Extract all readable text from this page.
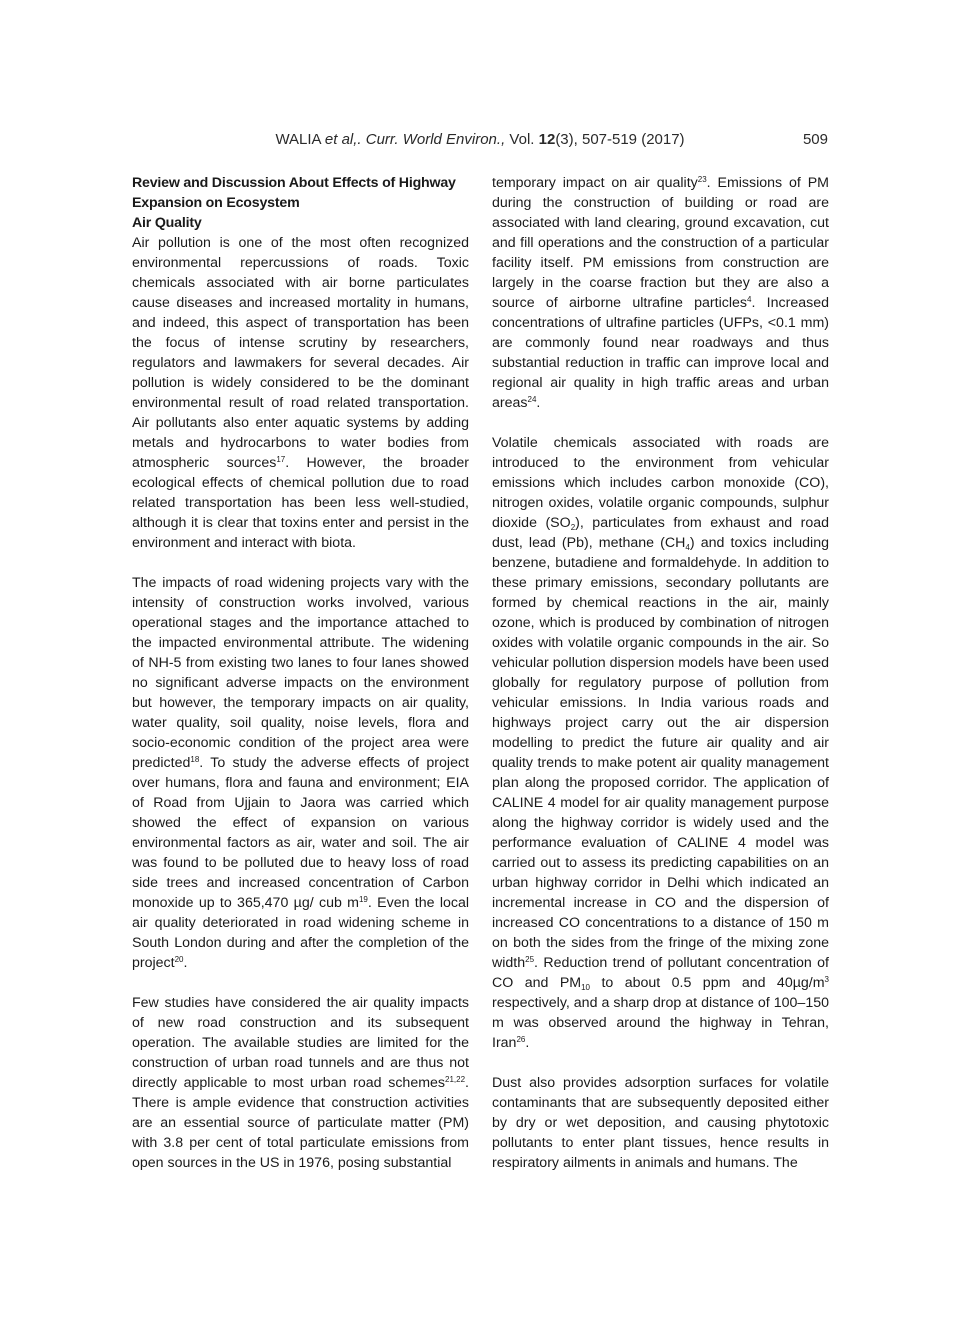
WALIA et al,. Curr. World Environ., Vol. 12(3), 507-519 (2017)	509
Review and Discussion About Effects of Highway Expansion on Ecosystem
Air Quality

Air pollution is one of the most often recognized environmental repercussions of roads. Toxic chemicals associated with air borne particulates cause diseases and increased mortality in humans, and indeed, this aspect of transportation has been the focus of intense scrutiny by researchers, regulators and lawmakers for several decades. Air pollution is widely considered to be the dominant environmental result of road related transportation. Air pollutants also enter aquatic systems by adding metals and hydrocarbons to water bodies from atmospheric sources$^{17}$. However, the broader ecological effects of chemical pollution due to road related transportation has been less well-studied, although it is clear that toxins enter and persist in the environment and interact with biota.

The impacts of road widening projects vary with the intensity of construction works involved, various operational stages and the importance attached to the impacted environmental attribute. The widening of NH-5 from existing two lanes to four lanes showed no significant adverse impacts on the environment but however, the temporary impacts on air quality, water quality, soil quality, noise levels, flora and socio-economic condition of the project area were predicted$^{18}$. To study the adverse effects of project over humans, flora and fauna and environment; EIA of Road from Ujjain to Jaora was carried which showed the effect of expansion on various environmental factors as air, water and soil. The air was found to be polluted due to heavy loss of road side trees and increased concentration of Carbon monoxide up to 365,470 µg/ cub $m^{19}$. Even the local air quality deteriorated in road widening scheme in South London during and after the completion of the project$^{20}$.

Few studies have considered the air quality impacts of new road construction and its subsequent operation. The available studies are limited for the construction of urban road tunnels and are thus not directly applicable to most urban road schemes$^{21,22}$. There is ample evidence that construction activities are an essential source of particulate matter (PM) with 3.8 per cent of total particulate emissions from open sources in the US in 1976, posing substantial

temporary impact on air quality$^{23}$. Emissions of PM during the construction of building or road are associated with land clearing, ground excavation, cut and fill operations and the construction of a particular facility itself. PM emissions from construction are largely in the coarse fraction but they are also a source of airborne ultrafine particles$^4$. Increased concentrations of ultrafine particles (UFPs, <0.1 mm) are commonly found near roadways and thus substantial reduction in traffic can improve local and regional air quality in high traffic areas and urban areas$^{24}$.

Volatile chemicals associated with roads are introduced to the environment from vehicular emissions which includes carbon monoxide (CO), nitrogen oxides, volatile organic compounds, sulphur dioxide $(SO_2)$, particulates from exhaust and road dust, lead (Pb), methane $(CH_4)$ and toxics including benzene, butadiene and formaldehyde. In addition to these primary emissions, secondary pollutants are formed by chemical reactions in the air, mainly ozone, which is produced by combination of nitrogen oxides with volatile organic compounds in the air. So vehicular pollution dispersion models have been used globally for regulatory purpose of pollution from vehicular emissions. In India various roads and highways project carry out the air dispersion modelling to predict the future air quality and air quality trends to make potent air quality management plan along the proposed corridor. The application of CALINE 4 model for air quality management purpose along the highway corridor is widely used and the performance evaluation of CALINE 4 model was carried out to assess its predicting capabilities on an urban highway corridor in Delhi which indicated an incremental increase in CO and the dispersion of increased CO concentrations to a distance of 150 m on both the sides from the fringe of the mixing zone width$^{25}$. Reduction trend of pollutant concentration of CO and $PM_{10}$ to about 0.5 ppm and $40\mu g/m^3$ respectively, and a sharp drop at distance of 100–150 m was observed around the highway in Tehran, Iran$^{26}$.

Dust also provides adsorption surfaces for volatile contaminants that are subsequently deposited either by dry or wet deposition, and causing phytotoxic pollutants to enter plant tissues, hence results in respiratory ailments in animals and humans. The
